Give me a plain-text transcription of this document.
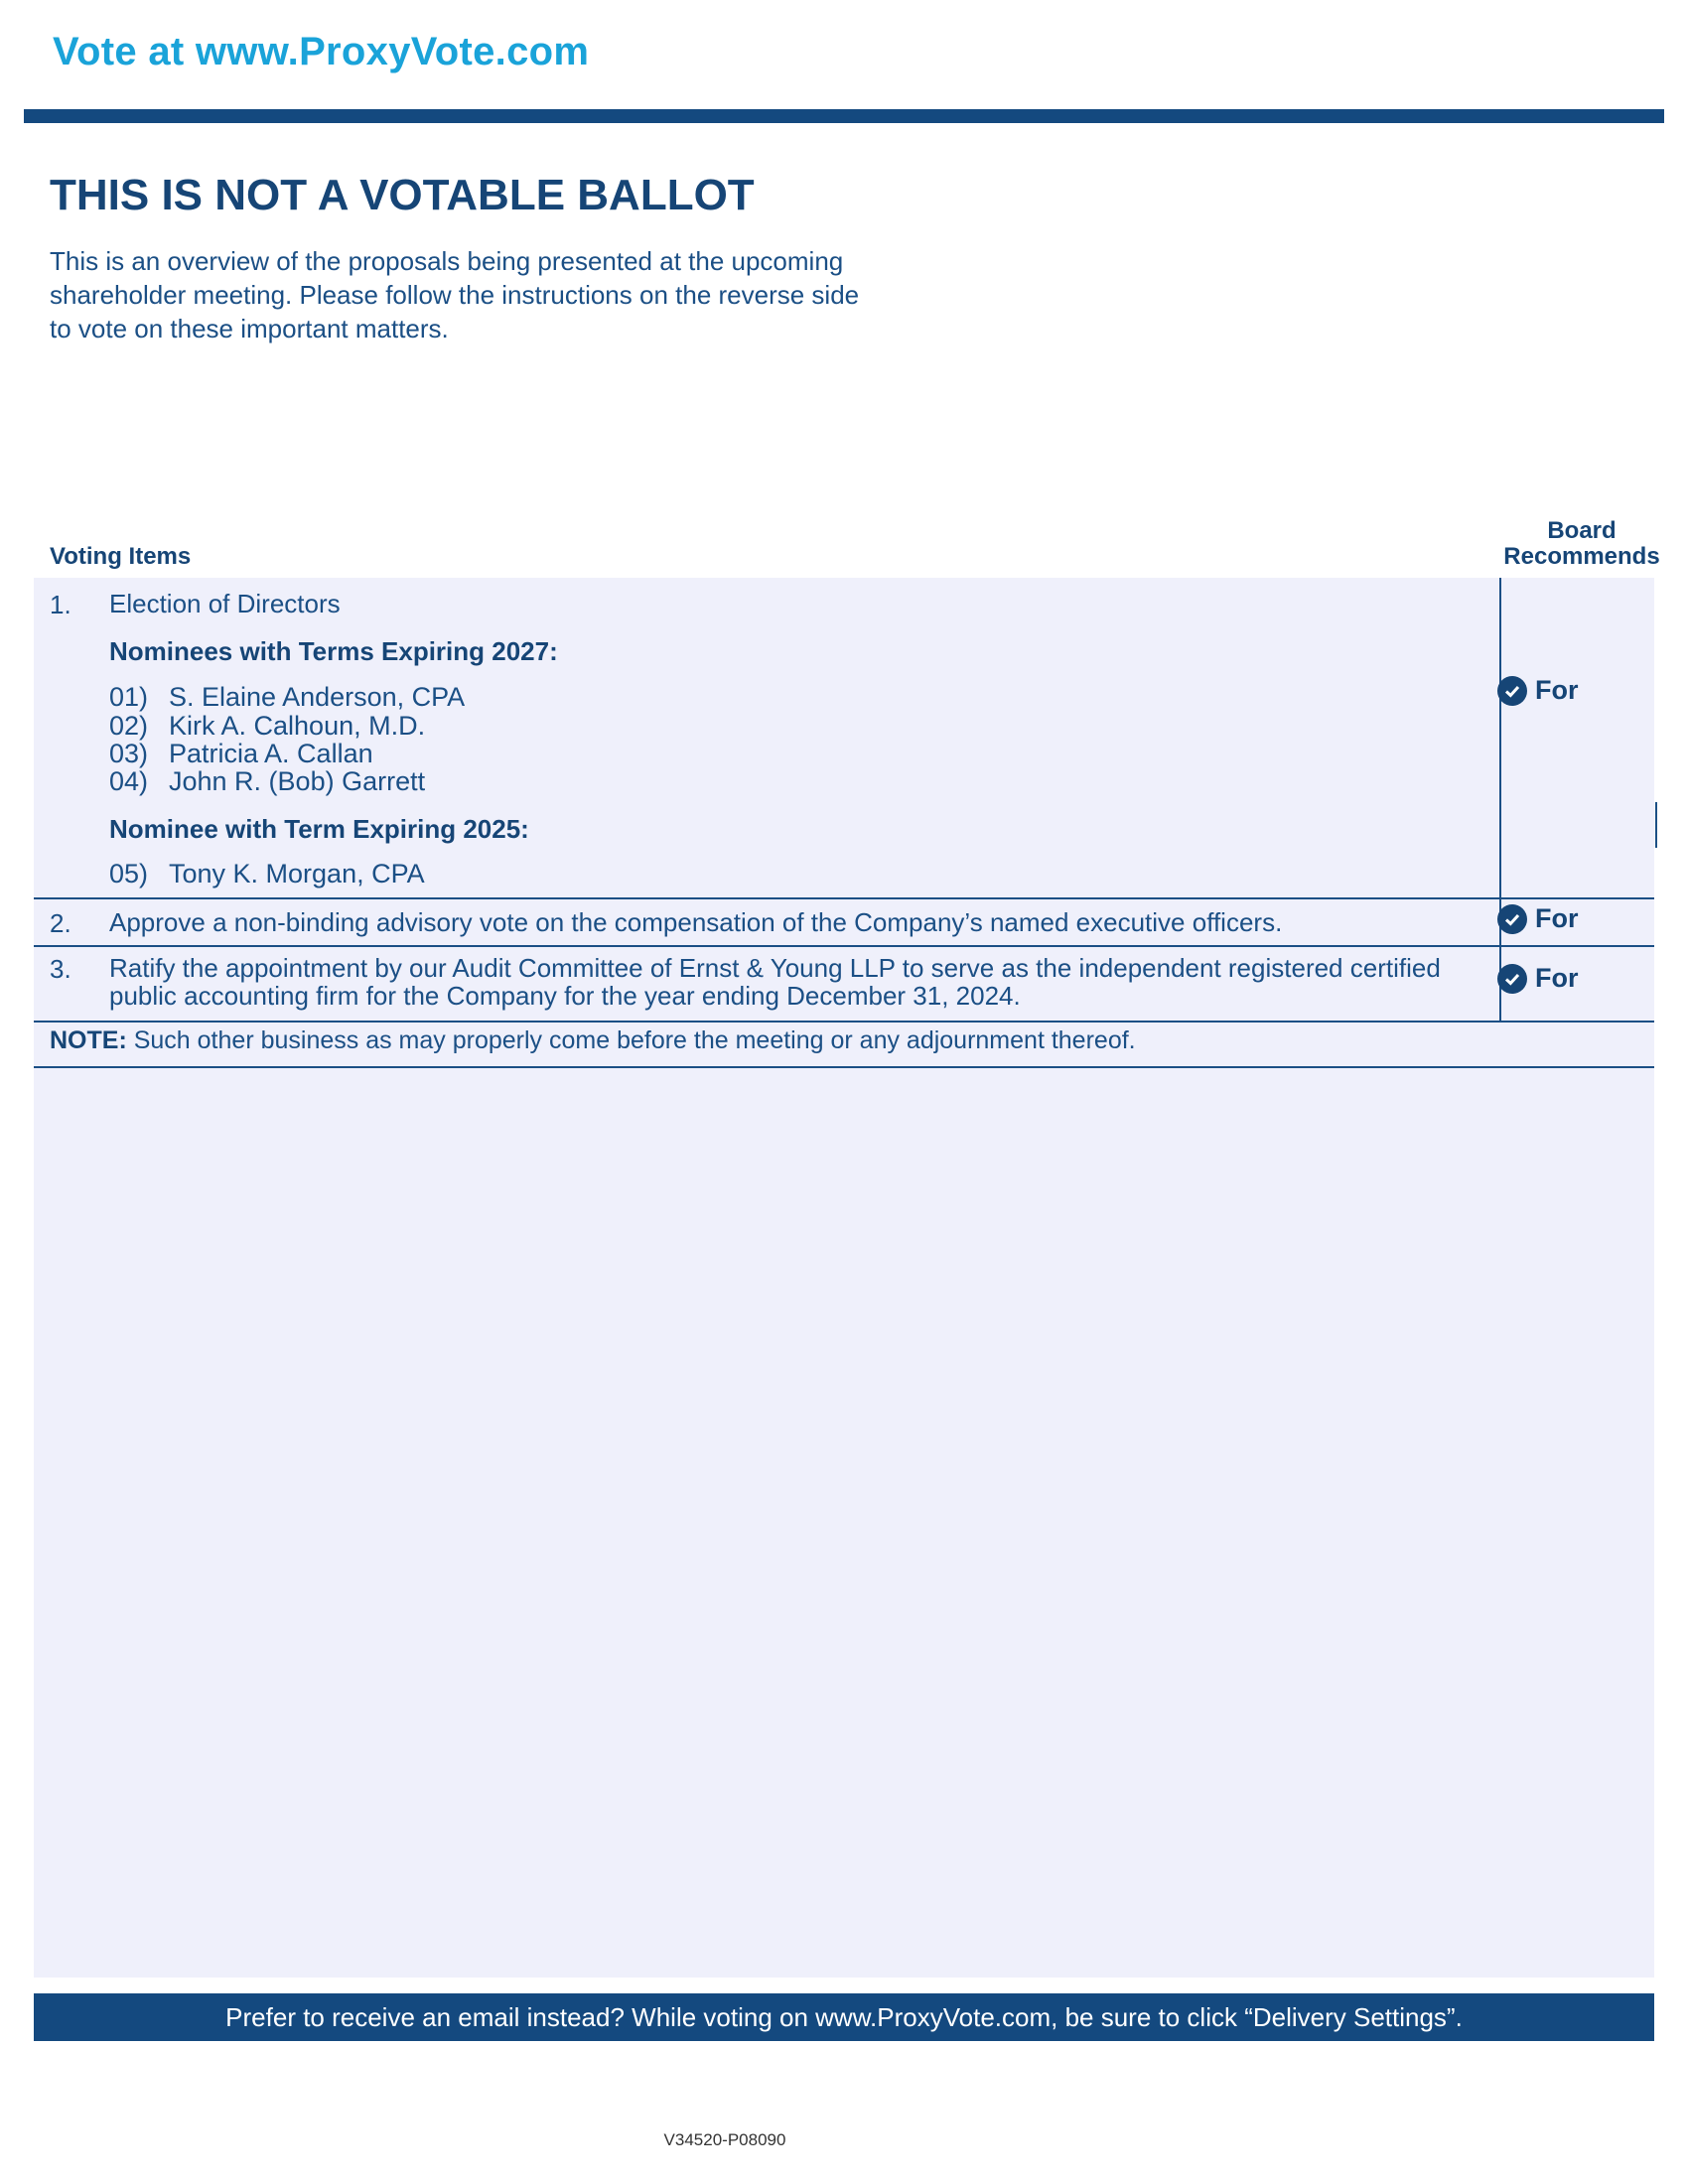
Vote at www.ProxyVote.com
THIS IS NOT A VOTABLE BALLOT
This is an overview of the proposals being presented at the upcoming shareholder meeting. Please follow the instructions on the reverse side to vote on these important matters.
Voting Items
Board
Recommends
1. Election of Directors
Nominees with Terms Expiring 2027:
01) S. Elaine Anderson, CPA
02) Kirk A. Calhoun, M.D.
03) Patricia A. Callan
04) John R. (Bob) Garrett
Nominee with Term Expiring 2025:
05) Tony K. Morgan, CPA
For
2. Approve a non-binding advisory vote on the compensation of the Company’s named executive officers.	For
3. Ratify the appointment by our Audit Committee of Ernst & Young LLP to serve as the independent registered certified
public accounting firm for the Company for the year ending December 31, 2024.
For
NOTE: Such other business as may properly come before the meeting or any adjournment thereof.
Prefer to receive an email instead? While voting on www.ProxyVote.com, be sure to click “Delivery Settings”.
V34520-P08090
